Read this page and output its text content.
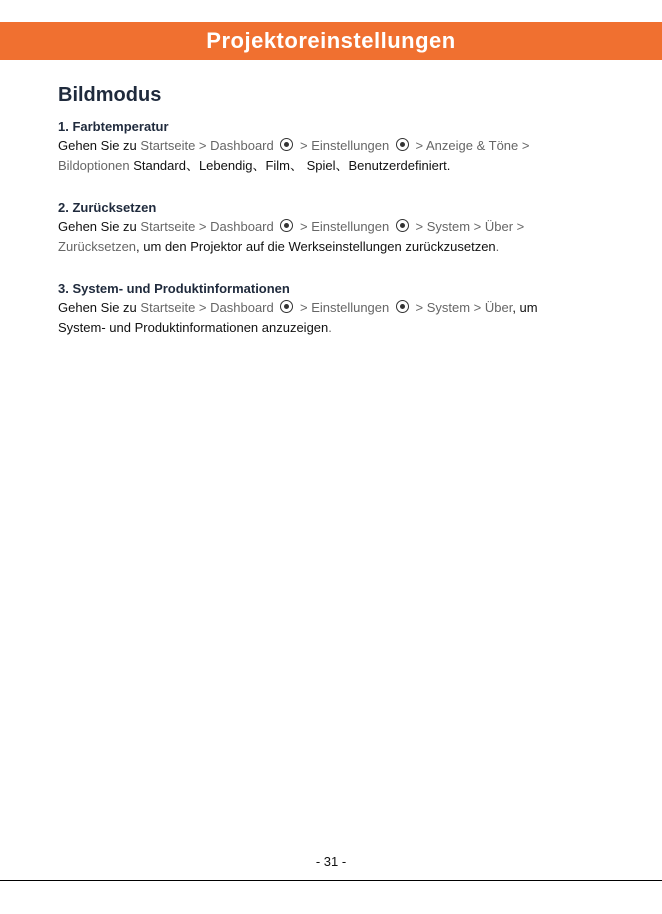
Projektoreinstellungen
Bildmodus
1. Farbtemperatur
Gehen Sie zu Startseite > Dashboard > Einstellungen > Anzeige & Töne >
Bildoptionen Standard、Lebendig、Film、 Spiel、Benutzerdefiniert.
2. Zurücksetzen
Gehen Sie zu Startseite > Dashboard > Einstellungen > System > Über >
Zurücksetzen, um den Projektor auf die Werkseinstellungen zurückzusetzen.
3. System- und Produktinformationen
Gehen Sie zu Startseite > Dashboard > Einstellungen > System > Über, um
System- und Produktinformationen anzuzeigen.
- 31 -
